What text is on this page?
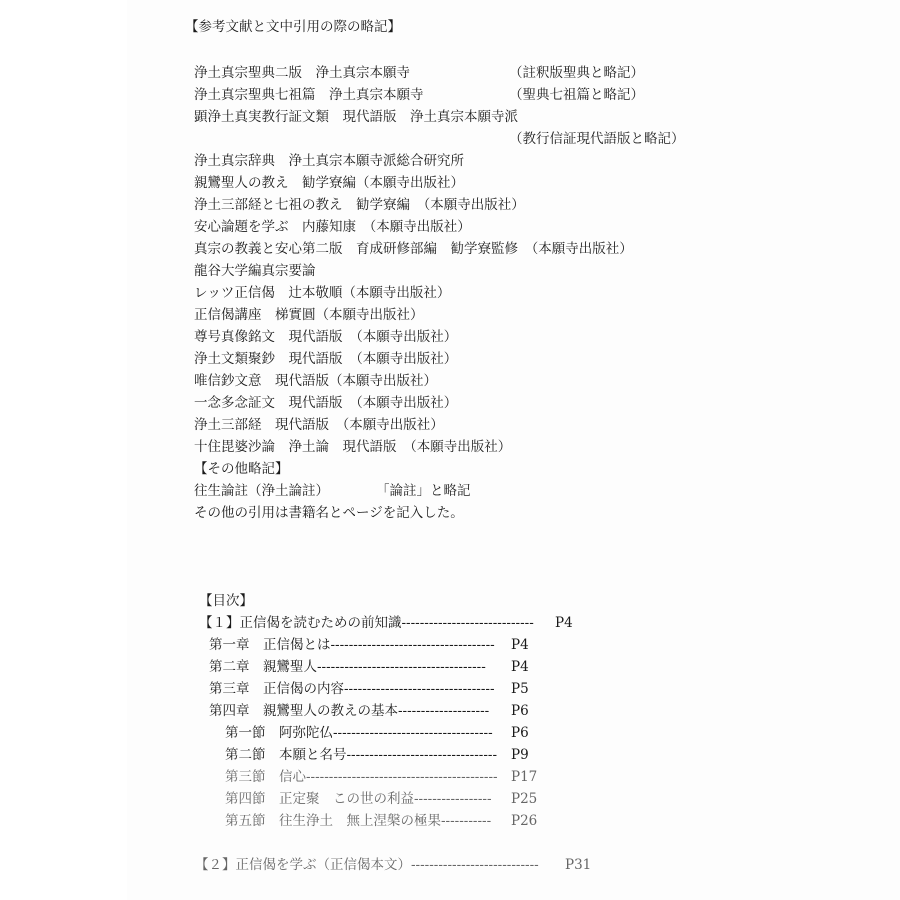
【参考文献と文中引用の際の略記】
浄土真宗聖典二版　浄土真宗本願寺	（註釈版聖典と略記）
浄土真宗聖典七祖篇　浄土真宗本願寺	（聖典七祖篇と略記）
顕浄土真実教行証文類　現代語版　浄土真宗本願寺派
（教行信証現代語版と略記）
浄土真宗辞典　浄土真宗本願寺派総合研究所
親鸞聖人の教え　勧学寮編（本願寺出版社）
浄土三部経と七祖の教え　勧学寮編　（本願寺出版社）
安心論題を学ぶ　内藤知康　（本願寺出版社）
真宗の教義と安心第二版　育成研修部編　勧学寮監修　（本願寺出版社）
龍谷大学編真宗要論
レッツ正信偈　辻本敬順（本願寺出版社）
正信偈講座　梯實圓（本願寺出版社）
尊号真像銘文　現代語版　（本願寺出版社）
浄土文類聚鈔　現代語版　（本願寺出版社）
唯信鈔文意　現代語版（本願寺出版社）
一念多念証文　現代語版　（本願寺出版社）
浄土三部経　現代語版　（本願寺出版社）
十住毘婆沙論　浄土論　現代語版　（本願寺出版社）
【その他略記】
往生論註（浄土論註）	「論註」と略記
その他の引用は書籍名とページを記入した。
【目次】
【１】正信偈を読むための前知識----------------------------- P4
第一章　正信偈とは------------------------------------ P4
第二章　親鸞聖人------------------------------------- P4
第三章　正信偈の内容--------------------------------- P5
第四章　親鸞聖人の教えの基本-------------------- P6
第一節　阿弥陀仏----------------------------------- P6
第二節　本願と名号--------------------------------- P9
第三節　信心------------------------------------------ P17
第四節　正定聚　この世の利益----------------- P25
第五節　往生浄土　無上涅槃の極果----------- P26
【２】正信偈を学ぶ（正信偈本文）---------------------------- P31
